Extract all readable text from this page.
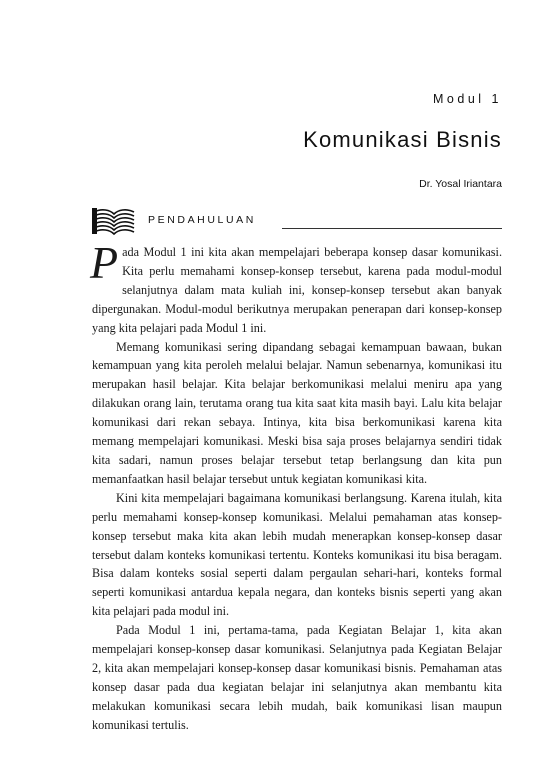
Modul 1
Komunikasi Bisnis
Dr. Yosal Iriantara
PENDAHULUAN

Pada Modul 1 ini kita akan mempelajari beberapa konsep dasar komunikasi. Kita perlu memahami konsep-konsep tersebut, karena pada modul-modul selanjutnya dalam mata kuliah ini, konsep-konsep tersebut akan banyak dipergunakan. Modul-modul berikutnya merupakan penerapan dari konsep-konsep yang kita pelajari pada Modul 1 ini.

Memang komunikasi sering dipandang sebagai kemampuan bawaan, bukan kemampuan yang kita peroleh melalui belajar. Namun sebenarnya, komunikasi itu merupakan hasil belajar. Kita belajar berkomunikasi melalui meniru apa yang dilakukan orang lain, terutama orang tua kita saat kita masih bayi. Lalu kita belajar komunikasi dari rekan sebaya. Intinya, kita bisa berkomunikasi karena kita memang mempelajari komunikasi. Meski bisa saja proses belajarnya sendiri tidak kita sadari, namun proses belajar tersebut tetap berlangsung dan kita pun memanfaatkan hasil belajar tersebut untuk kegiatan komunikasi kita.

Kini kita mempelajari bagaimana komunikasi berlangsung. Karena itulah, kita perlu memahami konsep-konsep komunikasi. Melalui pemahaman atas konsep-konsep tersebut maka kita akan lebih mudah menerapkan konsep-konsep dasar tersebut dalam konteks komunikasi tertentu. Konteks komunikasi itu bisa beragam. Bisa dalam konteks sosial seperti dalam pergaulan sehari-hari, konteks formal seperti komunikasi antardua kepala negara, dan konteks bisnis seperti yang akan kita pelajari pada modul ini.

Pada Modul 1 ini, pertama-tama, pada Kegiatan Belajar 1, kita akan mempelajari konsep-konsep dasar komunikasi. Selanjutnya pada Kegiatan Belajar 2, kita akan mempelajari konsep-konsep dasar komunikasi bisnis. Pemahaman atas konsep dasar pada dua kegiatan belajar ini selanjutnya akan membantu kita melakukan komunikasi secara lebih mudah, baik komunikasi lisan maupun komunikasi tertulis.
